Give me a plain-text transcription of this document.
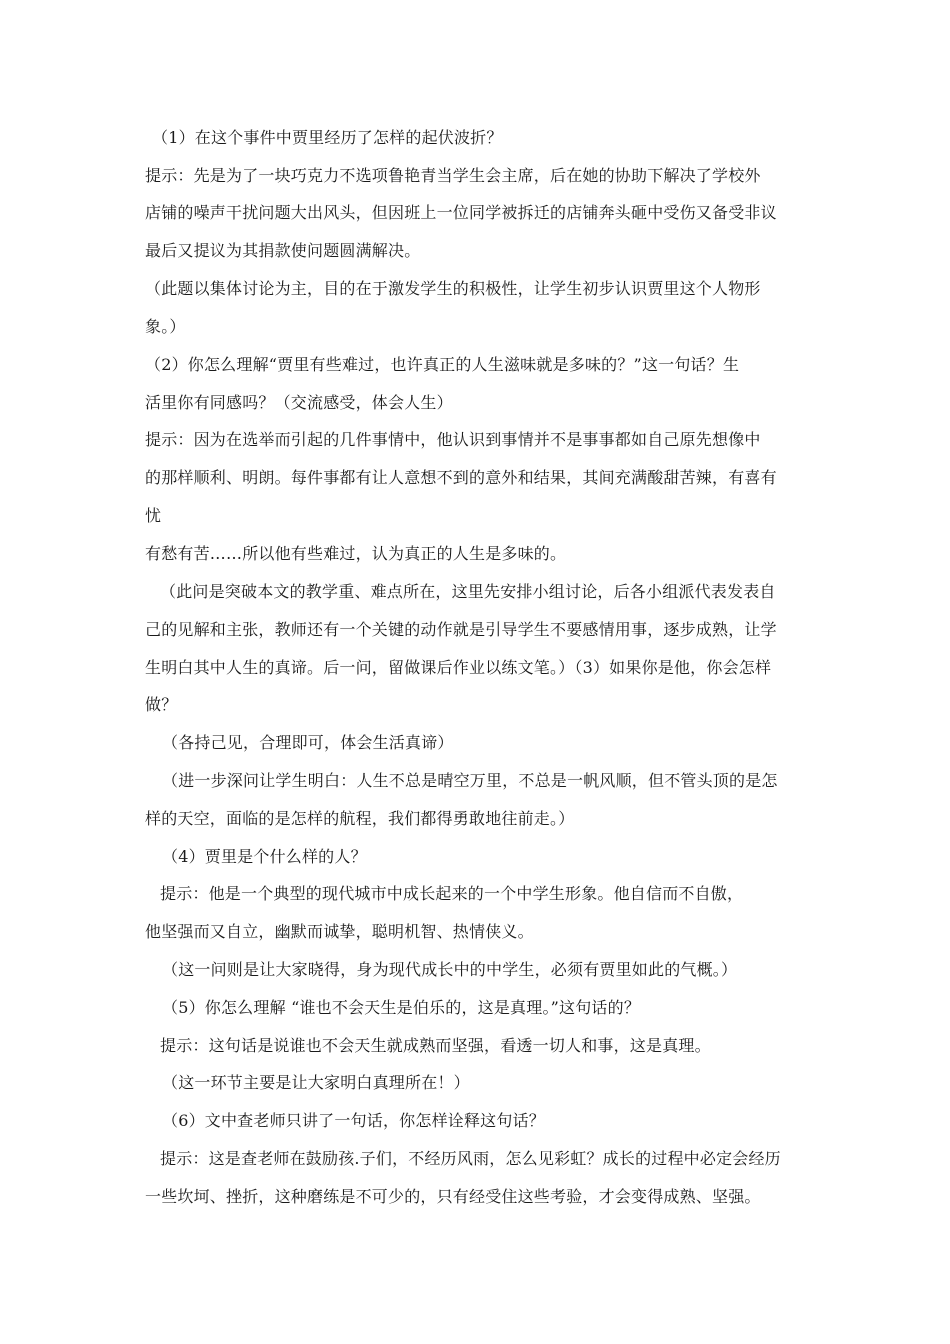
（1）在这个事件中贾里经历了怎样的起伏波折？
提示：先是为了一块巧克力不选项鲁艳青当学生会主席，后在她的协助下解决了学校外
店铺的噪声干扰问题大出风头，但因班上一位同学被拆迁的店铺奔头砸中受伤又备受非议
最后又提议为其捐款使问题圆满解决。
（此题以集体讨论为主，目的在于激发学生的积极性，让学生初步认识贾里这个人物形
象。）
（2）你怎么理解“贾里有些难过，也许真正的人生滋味就是多味的？”这一句话？生
活里你有同感吗？（交流感受，体会人生）
提示：因为在选举而引起的几件事情中，他认识到事情并不是事事都如自己原先想像中
的那样顺利、明朗。每件事都有让人意想不到的意外和结果，其间充满酸甜苦辣，有喜有
忧
有愁有苦……所以他有些难过，认为真正的人生是多味的。
（此问是突破本文的教学重、难点所在，这里先安排小组讨论，后各小组派代表发表自
己的见解和主张，教师还有一个关键的动作就是引导学生不要感情用事，逐步成熟，让学
生明白其中人生的真谛。后一问，留做课后作业以练文笔。）（3）如果你是他，你会怎样
做？
（各持己见，合理即可，体会生活真谛）
（进一步深问让学生明白：人生不总是晴空万里，不总是一帆风顺，但不管头顶的是怎
样的天空，面临的是怎样的航程，我们都得勇敢地往前走。）
（4）贾里是个什么样的人？
提示：他是一个典型的现代城市中成长起来的一个中学生形象。他自信而不自傲，
他坚强而又自立，幽默而诚挚，聪明机智、热情侠义。
（这一问则是让大家晓得，身为现代成长中的中学生，必须有贾里如此的气概。）
（5）你怎么理解 “谁也不会天生是伯乐的，这是真理。”这句话的？
提示：这句话是说谁也不会天生就成熟而坚强，看透一切人和事，这是真理。
（这一环节主要是让大家明白真理所在！）
（6）文中查老师只讲了一句话，你怎样诠释这句话？
提示：这是查老师在鼓励孩.子们，不经历风雨，怎么见彩虹？成长的过程中必定会经历
一些坎坷、挫折，这种磨练是不可少的，只有经受住这些考验，才会变得成熟、坚强。
